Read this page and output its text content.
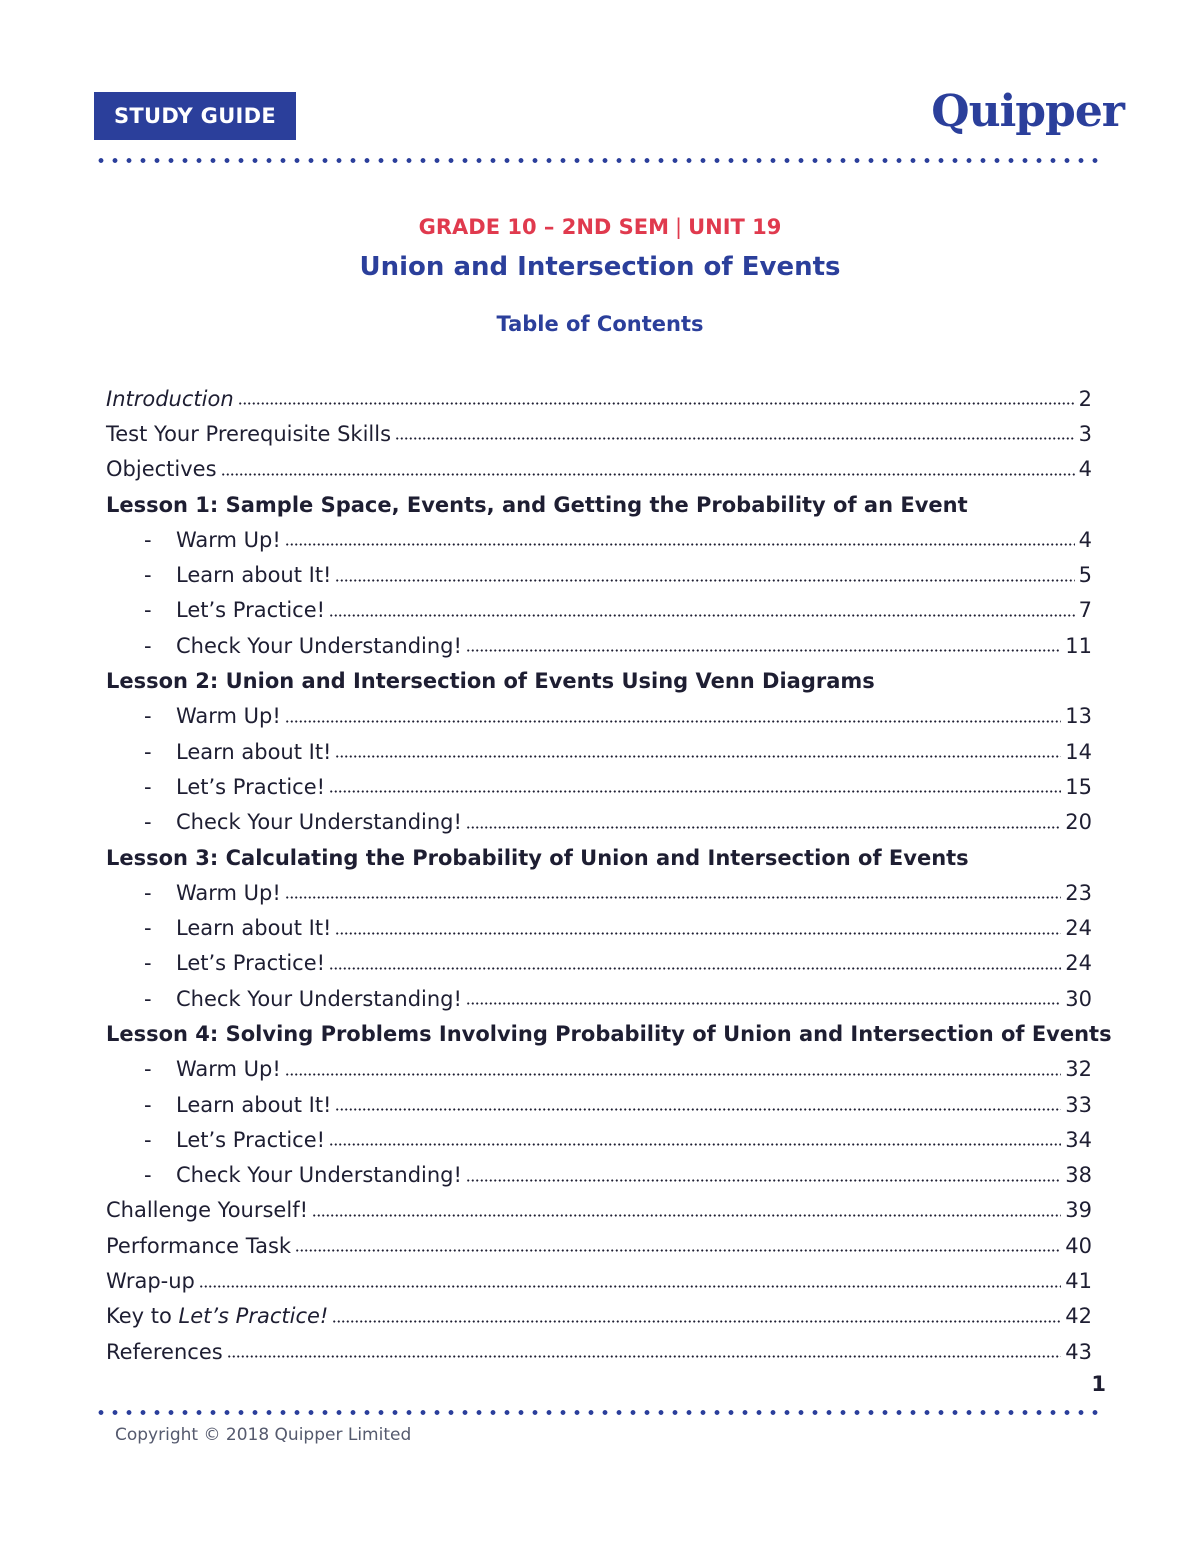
STUDY GUIDE	Quipper
GRADE 10 – 2ND SEM | UNIT 19
Union and Intersection of Events
Table of Contents
Introduction	2
Test Your Prerequisite Skills	3
Objectives	4
Lesson 1: Sample Space, Events, and Getting the Probability of an Event
-	Warm Up!	4
-	Learn about It!	5
-	Let’s Practice!	7
-	Check Your Understanding!	11
Lesson 2: Union and Intersection of Events Using Venn Diagrams
-	Warm Up!	13
-	Learn about It!	14
-	Let’s Practice!	15
-	Check Your Understanding!	20
Lesson 3: Calculating the Probability of Union and Intersection of Events
-	Warm Up!	23
-	Learn about It!	24
-	Let’s Practice!	24
-	Check Your Understanding!	30
Lesson 4: Solving Problems Involving Probability of Union and Intersection of Events
-	Warm Up!	32
-	Learn about It!	33
-	Let’s Practice!	34
-	Check Your Understanding!	38
Challenge Yourself!	39
Performance Task	40
Wrap-up	41
Key to Let’s Practice!	42
References	43
1
Copyright © 2018 Quipper Limited
